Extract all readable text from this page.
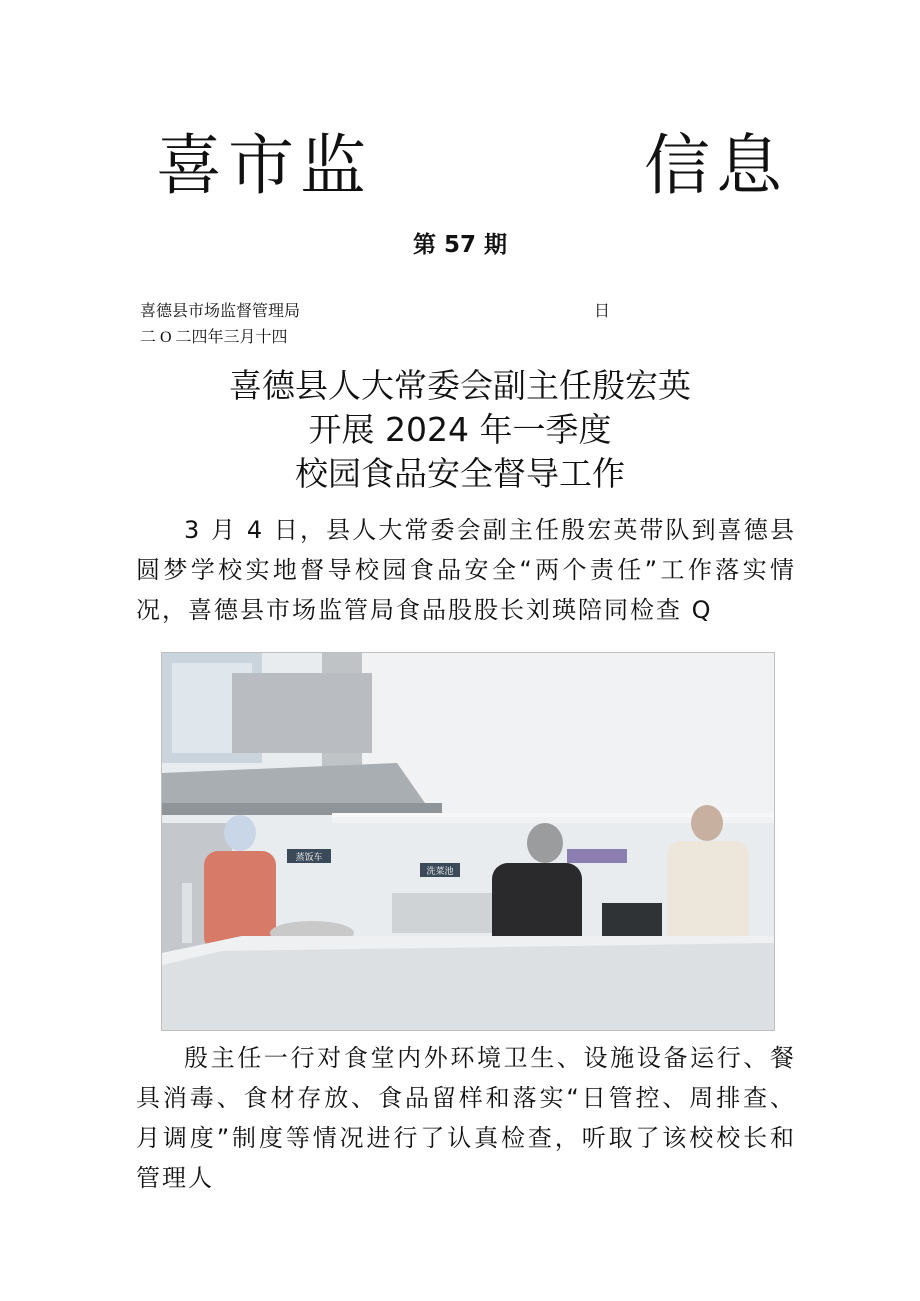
喜市监	信息
第 57 期
喜德县市场监督管理局	日
二 O 二四年三月十四
喜德县人大常委会副主任殷宏英
开展 2024 年一季度
校园食品安全督导工作

3 月 4 日，县人大常委会副主任殷宏英带队到喜德县圆梦学校实地督导校园食品安全“两个责任”工作落实情况，喜德县市场监管局食品股股长刘瑛陪同检查 Q

蒸饭车
洗菜池

殷主任一行对食堂内外环境卫生、设施设备运行、餐具消毒、食材存放、食品留样和落实“日管控、周排查、月调度”制度等情况进行了认真检查，听取了该校校长和管理人
